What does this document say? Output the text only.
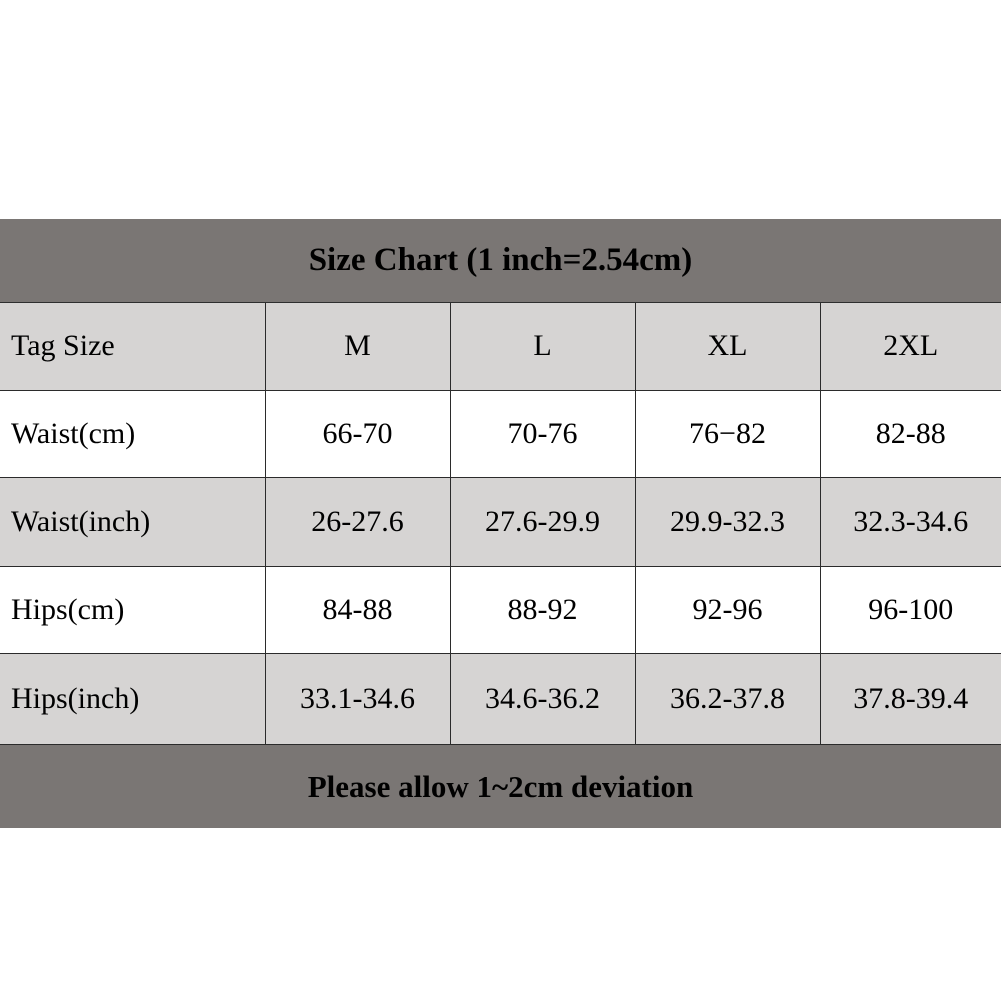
Size Chart (1 inch=2.54cm)
Tag Size	M	L	XL	2XL
Waist(cm)	66-70	70-76	76−82	82-88
Waist(inch)	26-27.6	27.6-29.9	29.9-32.3	32.3-34.6
Hips(cm)	84-88	88-92	92-96	96-100
Hips(inch)	33.1-34.6	34.6-36.2	36.2-37.8	37.8-39.4
Please allow 1~2cm deviation
